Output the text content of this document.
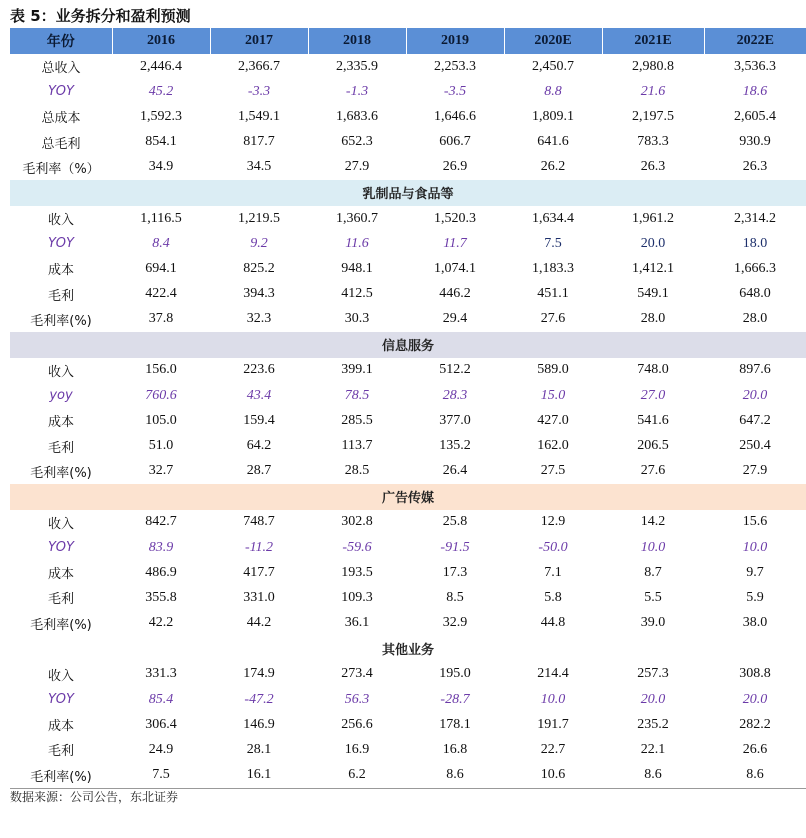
表 5：业务拆分和盈利预测
年份	2016	2017	2018	2019	2020E	2021E	2022E
总收入	2,446.4	2,366.7	2,335.9	2,253.3	2,450.7	2,980.8	3,536.3
YOY	45.2	-3.3	-1.3	-3.5	8.8	21.6	18.6
总成本	1,592.3	1,549.1	1,683.6	1,646.6	1,809.1	2,197.5	2,605.4
总毛利	854.1	817.7	652.3	606.7	641.6	783.3	930.9
毛利率（%）	34.9	34.5	27.9	26.9	26.2	26.3	26.3
乳制品与食品等							
收入	1,116.5	1,219.5	1,360.7	1,520.3	1,634.4	1,961.2	2,314.2
YOY	8.4	9.2	11.6	11.7	7.5	20.0	18.0
成本	694.1	825.2	948.1	1,074.1	1,183.3	1,412.1	1,666.3
毛利	422.4	394.3	412.5	446.2	451.1	549.1	648.0
毛利率(%)	37.8	32.3	30.3	29.4	27.6	28.0	28.0
信息服务							
收入	156.0	223.6	399.1	512.2	589.0	748.0	897.6
yoy	760.6	43.4	78.5	28.3	15.0	27.0	20.0
成本	105.0	159.4	285.5	377.0	427.0	541.6	647.2
毛利	51.0	64.2	113.7	135.2	162.0	206.5	250.4
毛利率(%)	32.7	28.7	28.5	26.4	27.5	27.6	27.9
广告传媒							
收入	842.7	748.7	302.8	25.8	12.9	14.2	15.6
YOY	83.9	-11.2	-59.6	-91.5	-50.0	10.0	10.0
成本	486.9	417.7	193.5	17.3	7.1	8.7	9.7
毛利	355.8	331.0	109.3	8.5	5.8	5.5	5.9
毛利率(%)	42.2	44.2	36.1	32.9	44.8	39.0	38.0
其他业务							
收入	331.3	174.9	273.4	195.0	214.4	257.3	308.8
YOY	85.4	-47.2	56.3	-28.7	10.0	20.0	20.0
成本	306.4	146.9	256.6	178.1	191.7	235.2	282.2
毛利	24.9	28.1	16.9	16.8	22.7	22.1	26.6
毛利率(%)	7.5	16.1	6.2	8.6	10.6	8.6	8.6
数据来源：公司公告，东北证券
